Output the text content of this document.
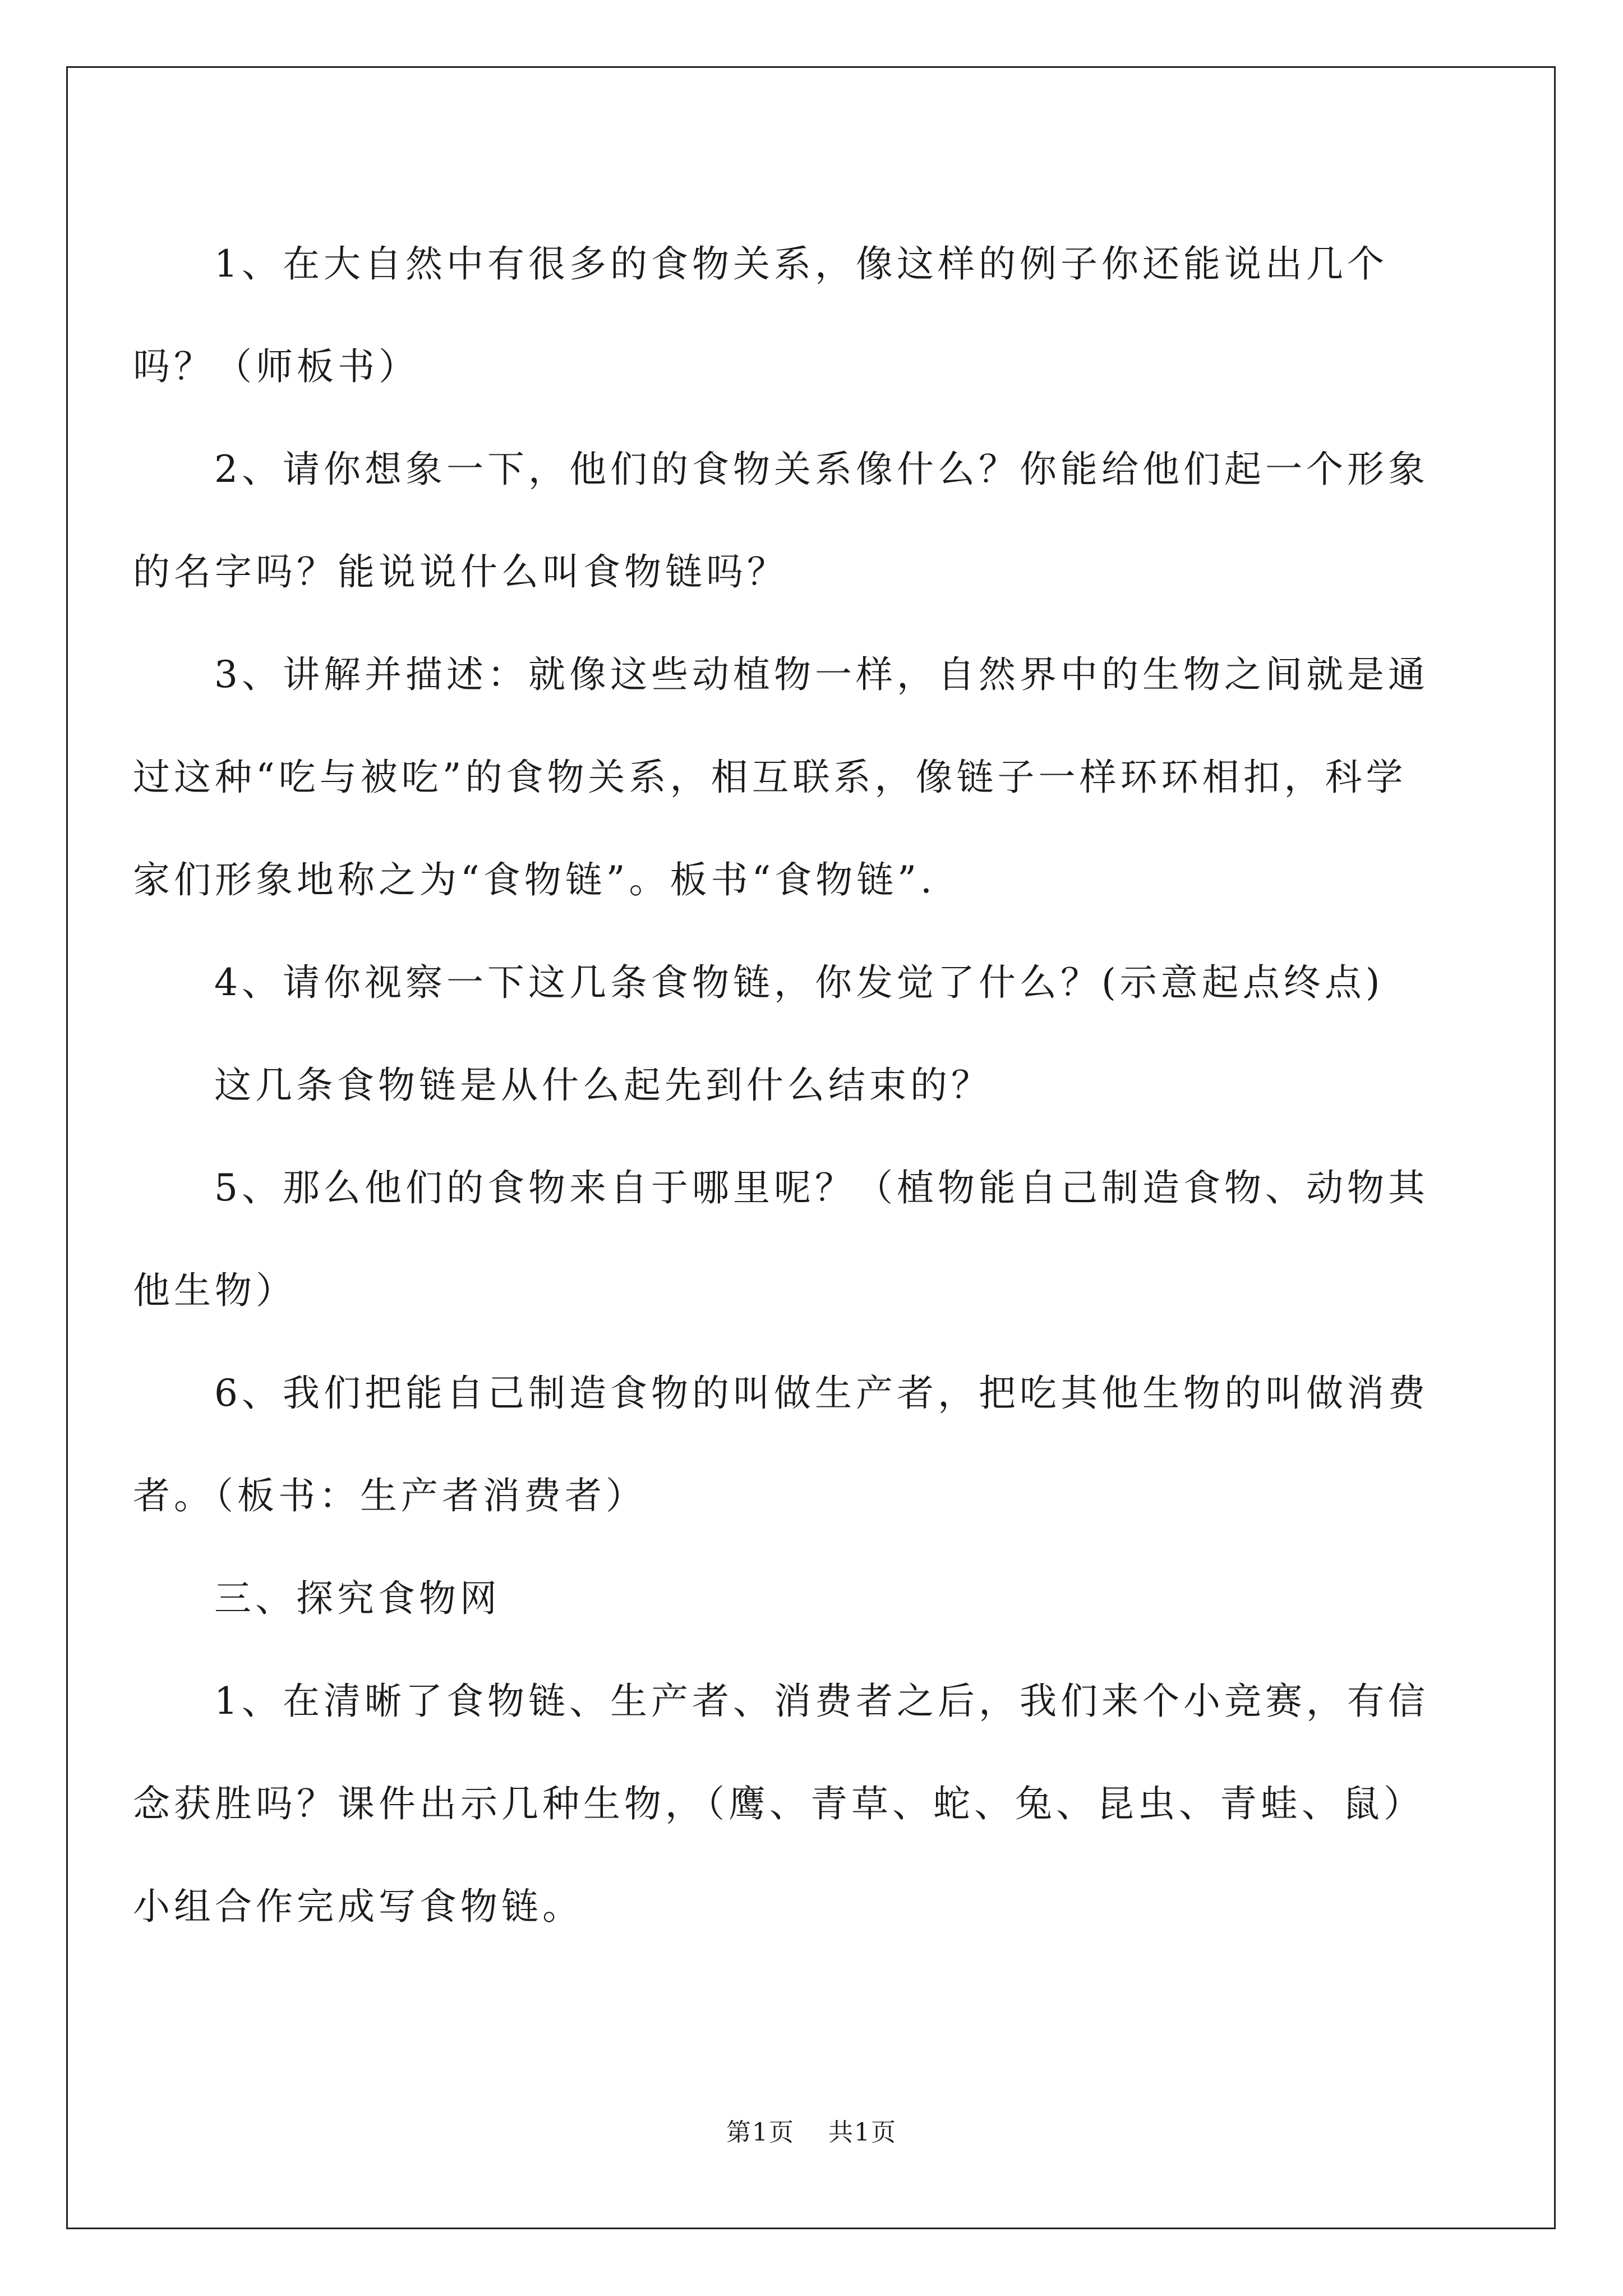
1、在大自然中有很多的食物关系，像这样的例子你还能说出几个吗？（师板书）

2、请你想象一下，他们的食物关系像什么？你能给他们起一个形象的名字吗？能说说什么叫食物链吗？

3、讲解并描述：就像这些动植物一样，自然界中的生物之间就是通过这种“吃与被吃”的食物关系，相互联系，像链子一样环环相扣，科学家们形象地称之为“食物链”。板书“食物链”.

4、请你视察一下这几条食物链，你发觉了什么？(示意起点终点)

这几条食物链是从什么起先到什么结束的？

5、那么他们的食物来自于哪里呢？（植物能自己制造食物、动物其他生物）

6、我们把能自己制造食物的叫做生产者，把吃其他生物的叫做消费者。（板书：生产者消费者）

三、探究食物网

1、在清晰了食物链、生产者、消费者之后，我们来个小竞赛，有信念获胜吗？课件出示几种生物，（鹰、青草、蛇、兔、昆虫、青蛙、鼠）小组合作完成写食物链。

第1页 共1页
